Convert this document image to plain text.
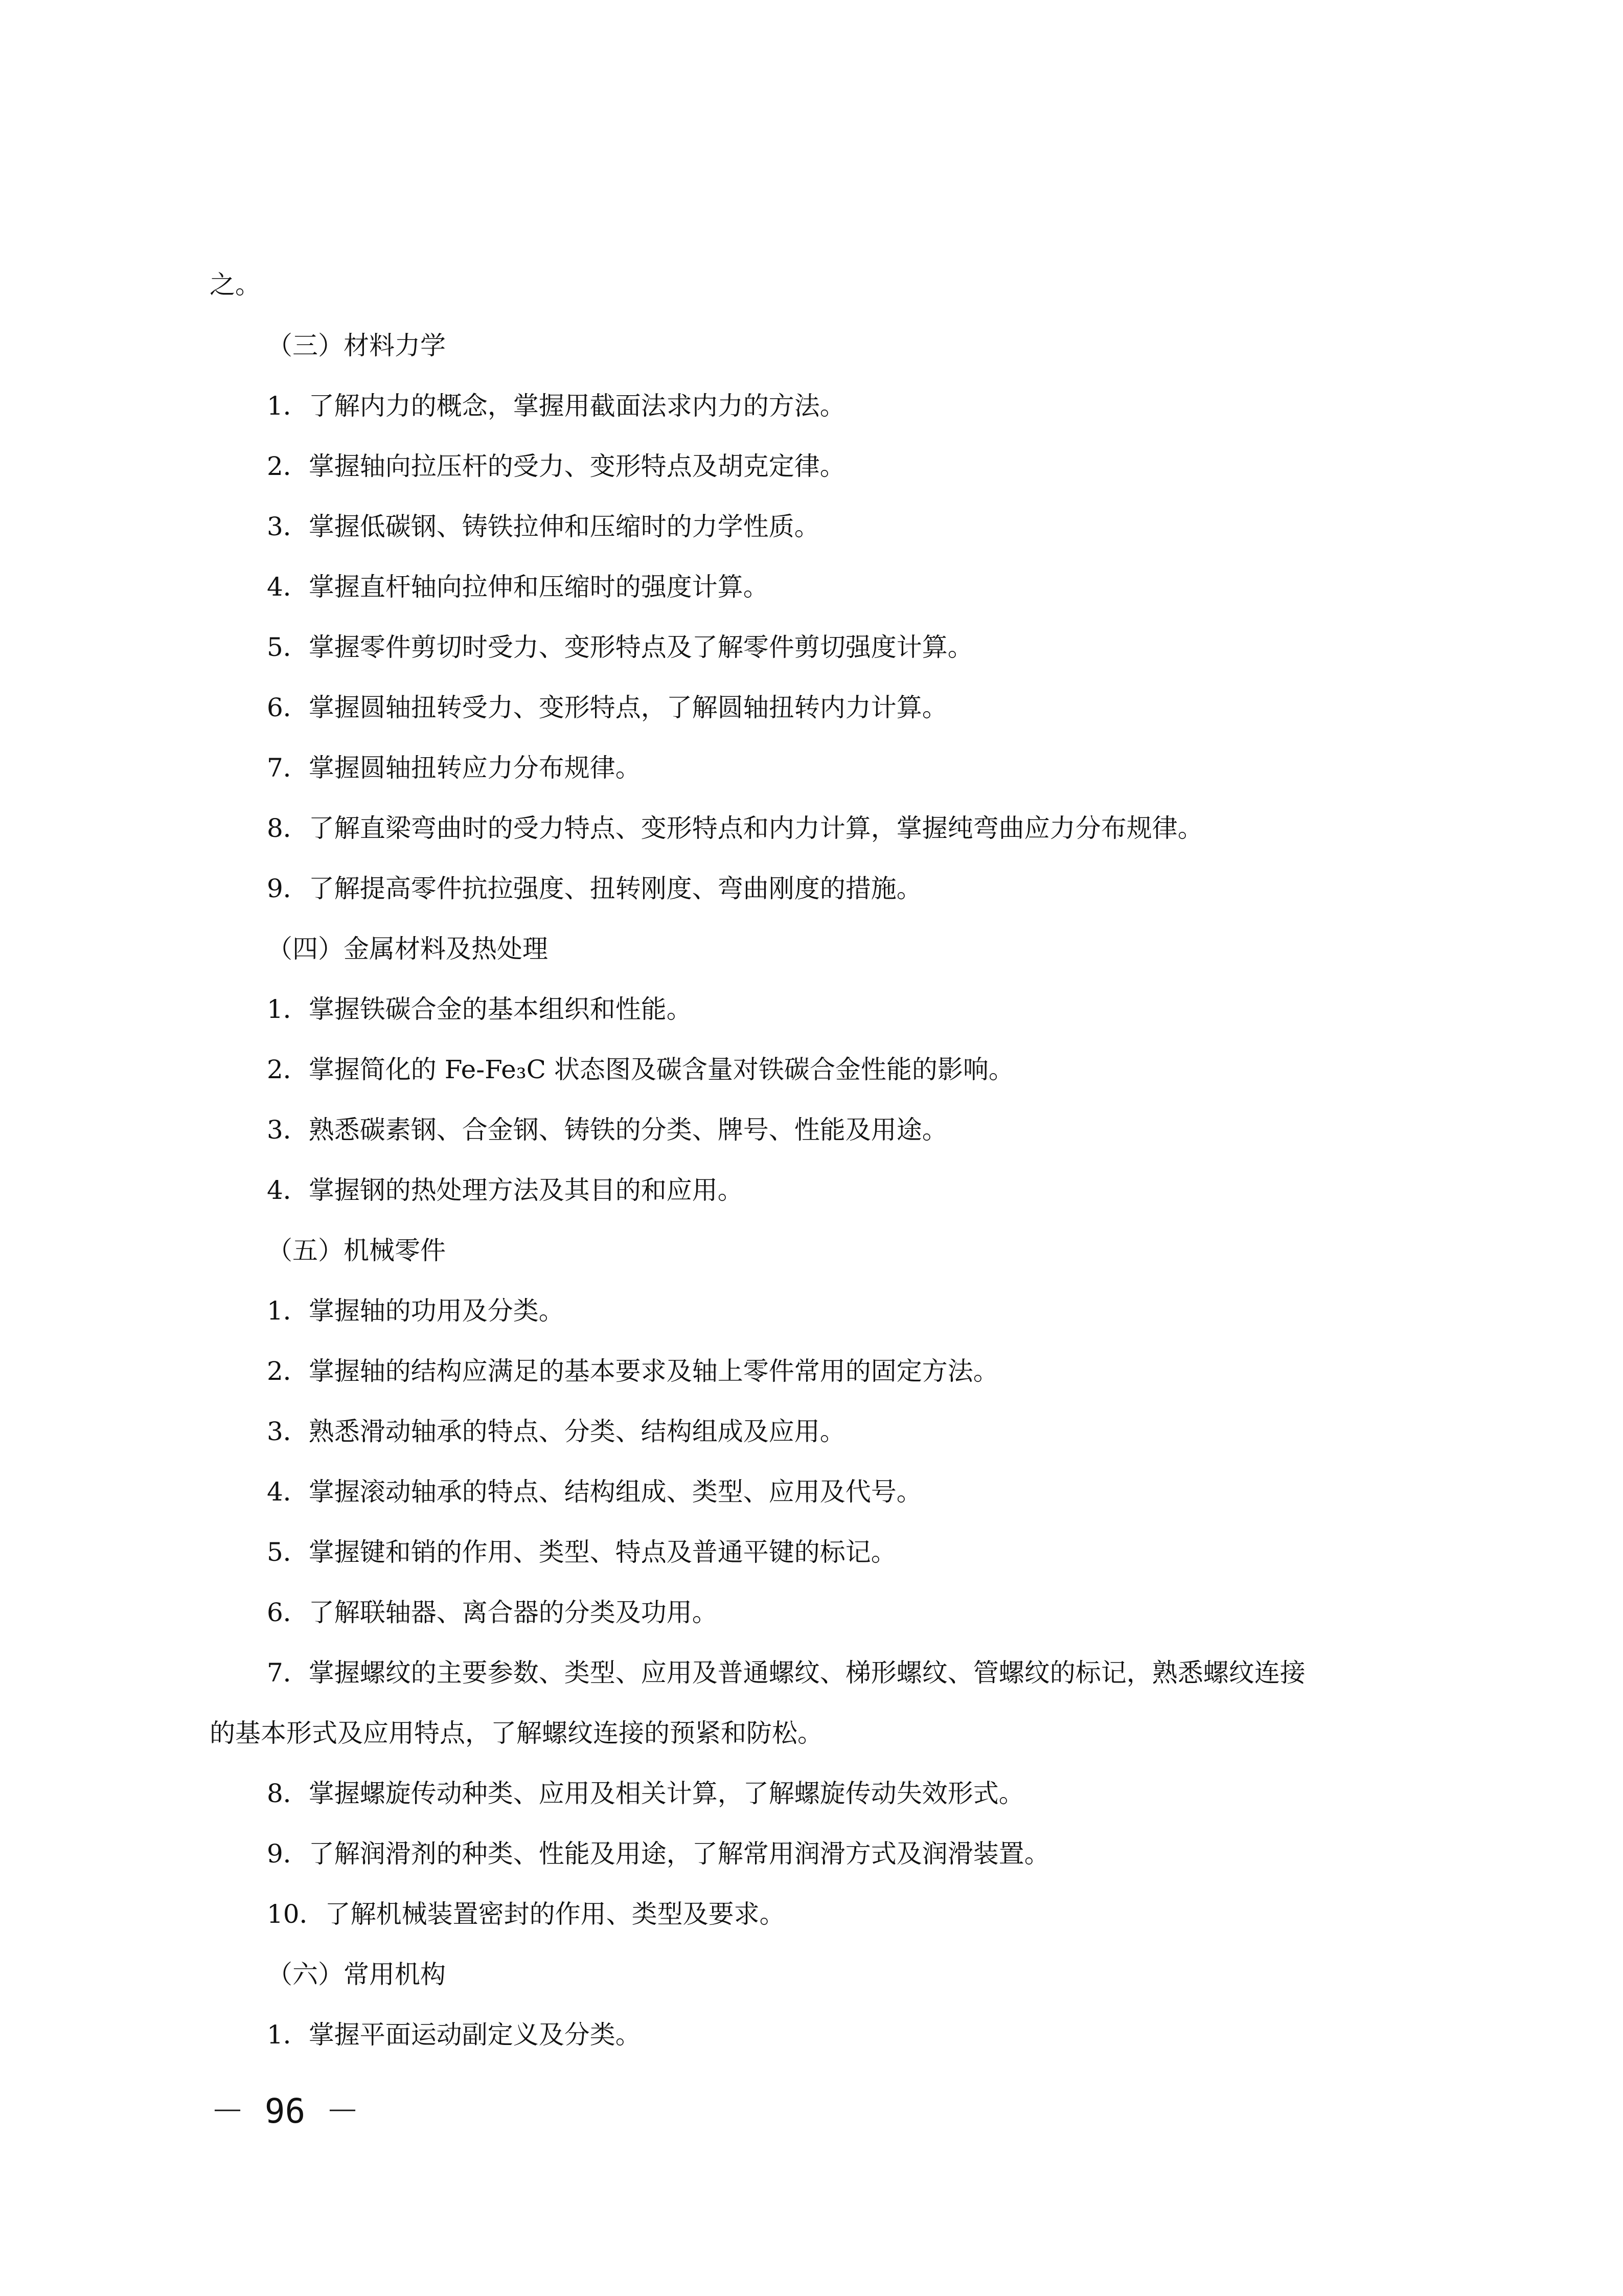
之。
（三）材料力学
1．了解内力的概念，掌握用截面法求内力的方法。
2．掌握轴向拉压杆的受力、变形特点及胡克定律。
3．掌握低碳钢、铸铁拉伸和压缩时的力学性质。
4．掌握直杆轴向拉伸和压缩时的强度计算。
5．掌握零件剪切时受力、变形特点及了解零件剪切强度计算。
6．掌握圆轴扭转受力、变形特点，了解圆轴扭转内力计算。
7．掌握圆轴扭转应力分布规律。
8．了解直梁弯曲时的受力特点、变形特点和内力计算，掌握纯弯曲应力分布规律。
9．了解提高零件抗拉强度、扭转刚度、弯曲刚度的措施。
（四）金属材料及热处理
1．掌握铁碳合金的基本组织和性能。
2．掌握简化的 Fe-Fe₃C 状态图及碳含量对铁碳合金性能的影响。
3．熟悉碳素钢、合金钢、铸铁的分类、牌号、性能及用途。
4．掌握钢的热处理方法及其目的和应用。
（五）机械零件
1．掌握轴的功用及分类。
2．掌握轴的结构应满足的基本要求及轴上零件常用的固定方法。
3．熟悉滑动轴承的特点、分类、结构组成及应用。
4．掌握滚动轴承的特点、结构组成、类型、应用及代号。
5．掌握键和销的作用、类型、特点及普通平键的标记。
6．了解联轴器、离合器的分类及功用。
7．掌握螺纹的主要参数、类型、应用及普通螺纹、梯形螺纹、管螺纹的标记，熟悉螺纹连接
的基本形式及应用特点，了解螺纹连接的预紧和防松。
8．掌握螺旋传动种类、应用及相关计算，了解螺旋传动失效形式。
9．了解润滑剂的种类、性能及用途，了解常用润滑方式及润滑装置。
10．了解机械装置密封的作用、类型及要求。
（六）常用机构
1．掌握平面运动副定义及分类。
－ 96 －
